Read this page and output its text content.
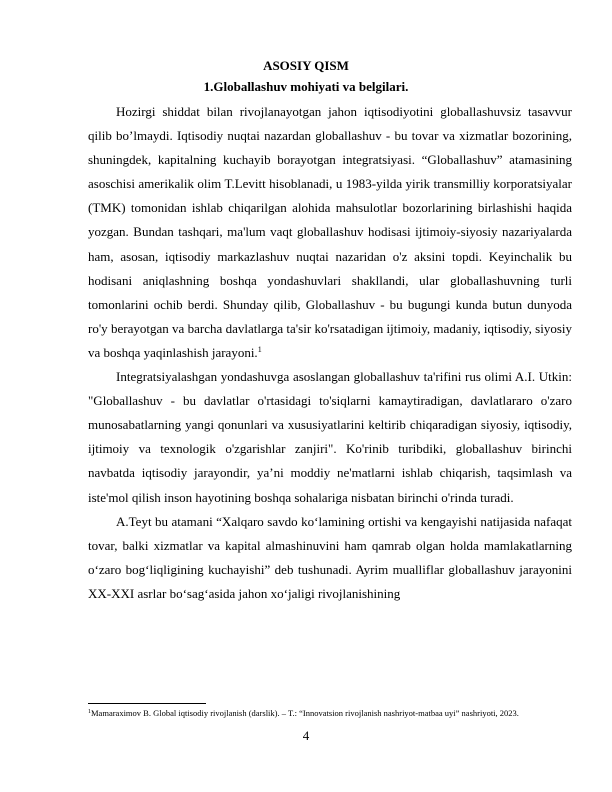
ASOSIY QISM
1.Globallashuv mohiyati va belgilari.

Hozirgi shiddat bilan rivojlanayotgan jahon iqtisodiyotini globallashuvsiz tasavvur qilib bo’lmaydi. Iqtisodiy nuqtai nazardan globallashuv - bu tovar va xizmatlar bozorining, shuningdek, kapitalning kuchayib borayotgan integratsiyasi. “Globallashuv” atamasining asoschisi amerikalik olim T.Levitt hisoblanadi, u 1983-yilda yirik transmilliy korporatsiyalar (TMK) tomonidan ishlab chiqarilgan alohida mahsulotlar bozorlarining birlashishi haqida yozgan. Bundan tashqari, ma'lum vaqt globallashuv hodisasi ijtimoiy-siyosiy nazariyalarda ham, asosan, iqtisodiy markazlashuv nuqtai nazaridan o'z aksini topdi. Keyinchalik bu hodisani aniqlashning boshqa yondashuvlari shakllandi, ular globallashuvning turli tomonlarini ochib berdi. Shunday qilib, Globallashuv - bu bugungi kunda butun dunyoda ro'y berayotgan va barcha davlatlarga ta'sir ko'rsatadigan ijtimoiy, madaniy, iqtisodiy, siyosiy va boshqa yaqinlashish jarayoni.$^1$

Integratsiyalashgan yondashuvga asoslangan globallashuv ta'rifini rus olimi A.I. Utkin: "Globallashuv - bu davlatlar o'rtasidagi to'siqlarni kamaytiradigan, davlatlararo o'zaro munosabatlarning yangi qonunlari va xususiyatlarini keltirib chiqaradigan siyosiy, iqtisodiy, ijtimoiy va texnologik o'zgarishlar zanjiri". Ko'rinib turibdiki, globallashuv birinchi navbatda iqtisodiy jarayondir, ya’ni moddiy ne'matlarni ishlab chiqarish, taqsimlash va iste'mol qilish inson hayotining boshqa sohalariga nisbatan birinchi o'rinda turadi.

A.Teyt bu atamani “Xalqaro savdo ko‘lamining ortishi va kengayishi natijasida nafaqat tovar, balki xizmatlar va kapital almashinuvini ham qamrab olgan holda mamlakatlarning o‘zaro bog‘liqligining kuchayishi” deb tushunadi. Ayrim mualliflar globallashuv jarayonini XX-XXI asrlar bo‘sag‘asida jahon xo‘jaligi rivojlanishining

$^1$Mamaraximov B. Global iqtisodiy rivojlanish (darslik). – T.: “Innovatsion rivojlanish nashriyot-matbaa uyi” nashriyoti, 2023.

4
